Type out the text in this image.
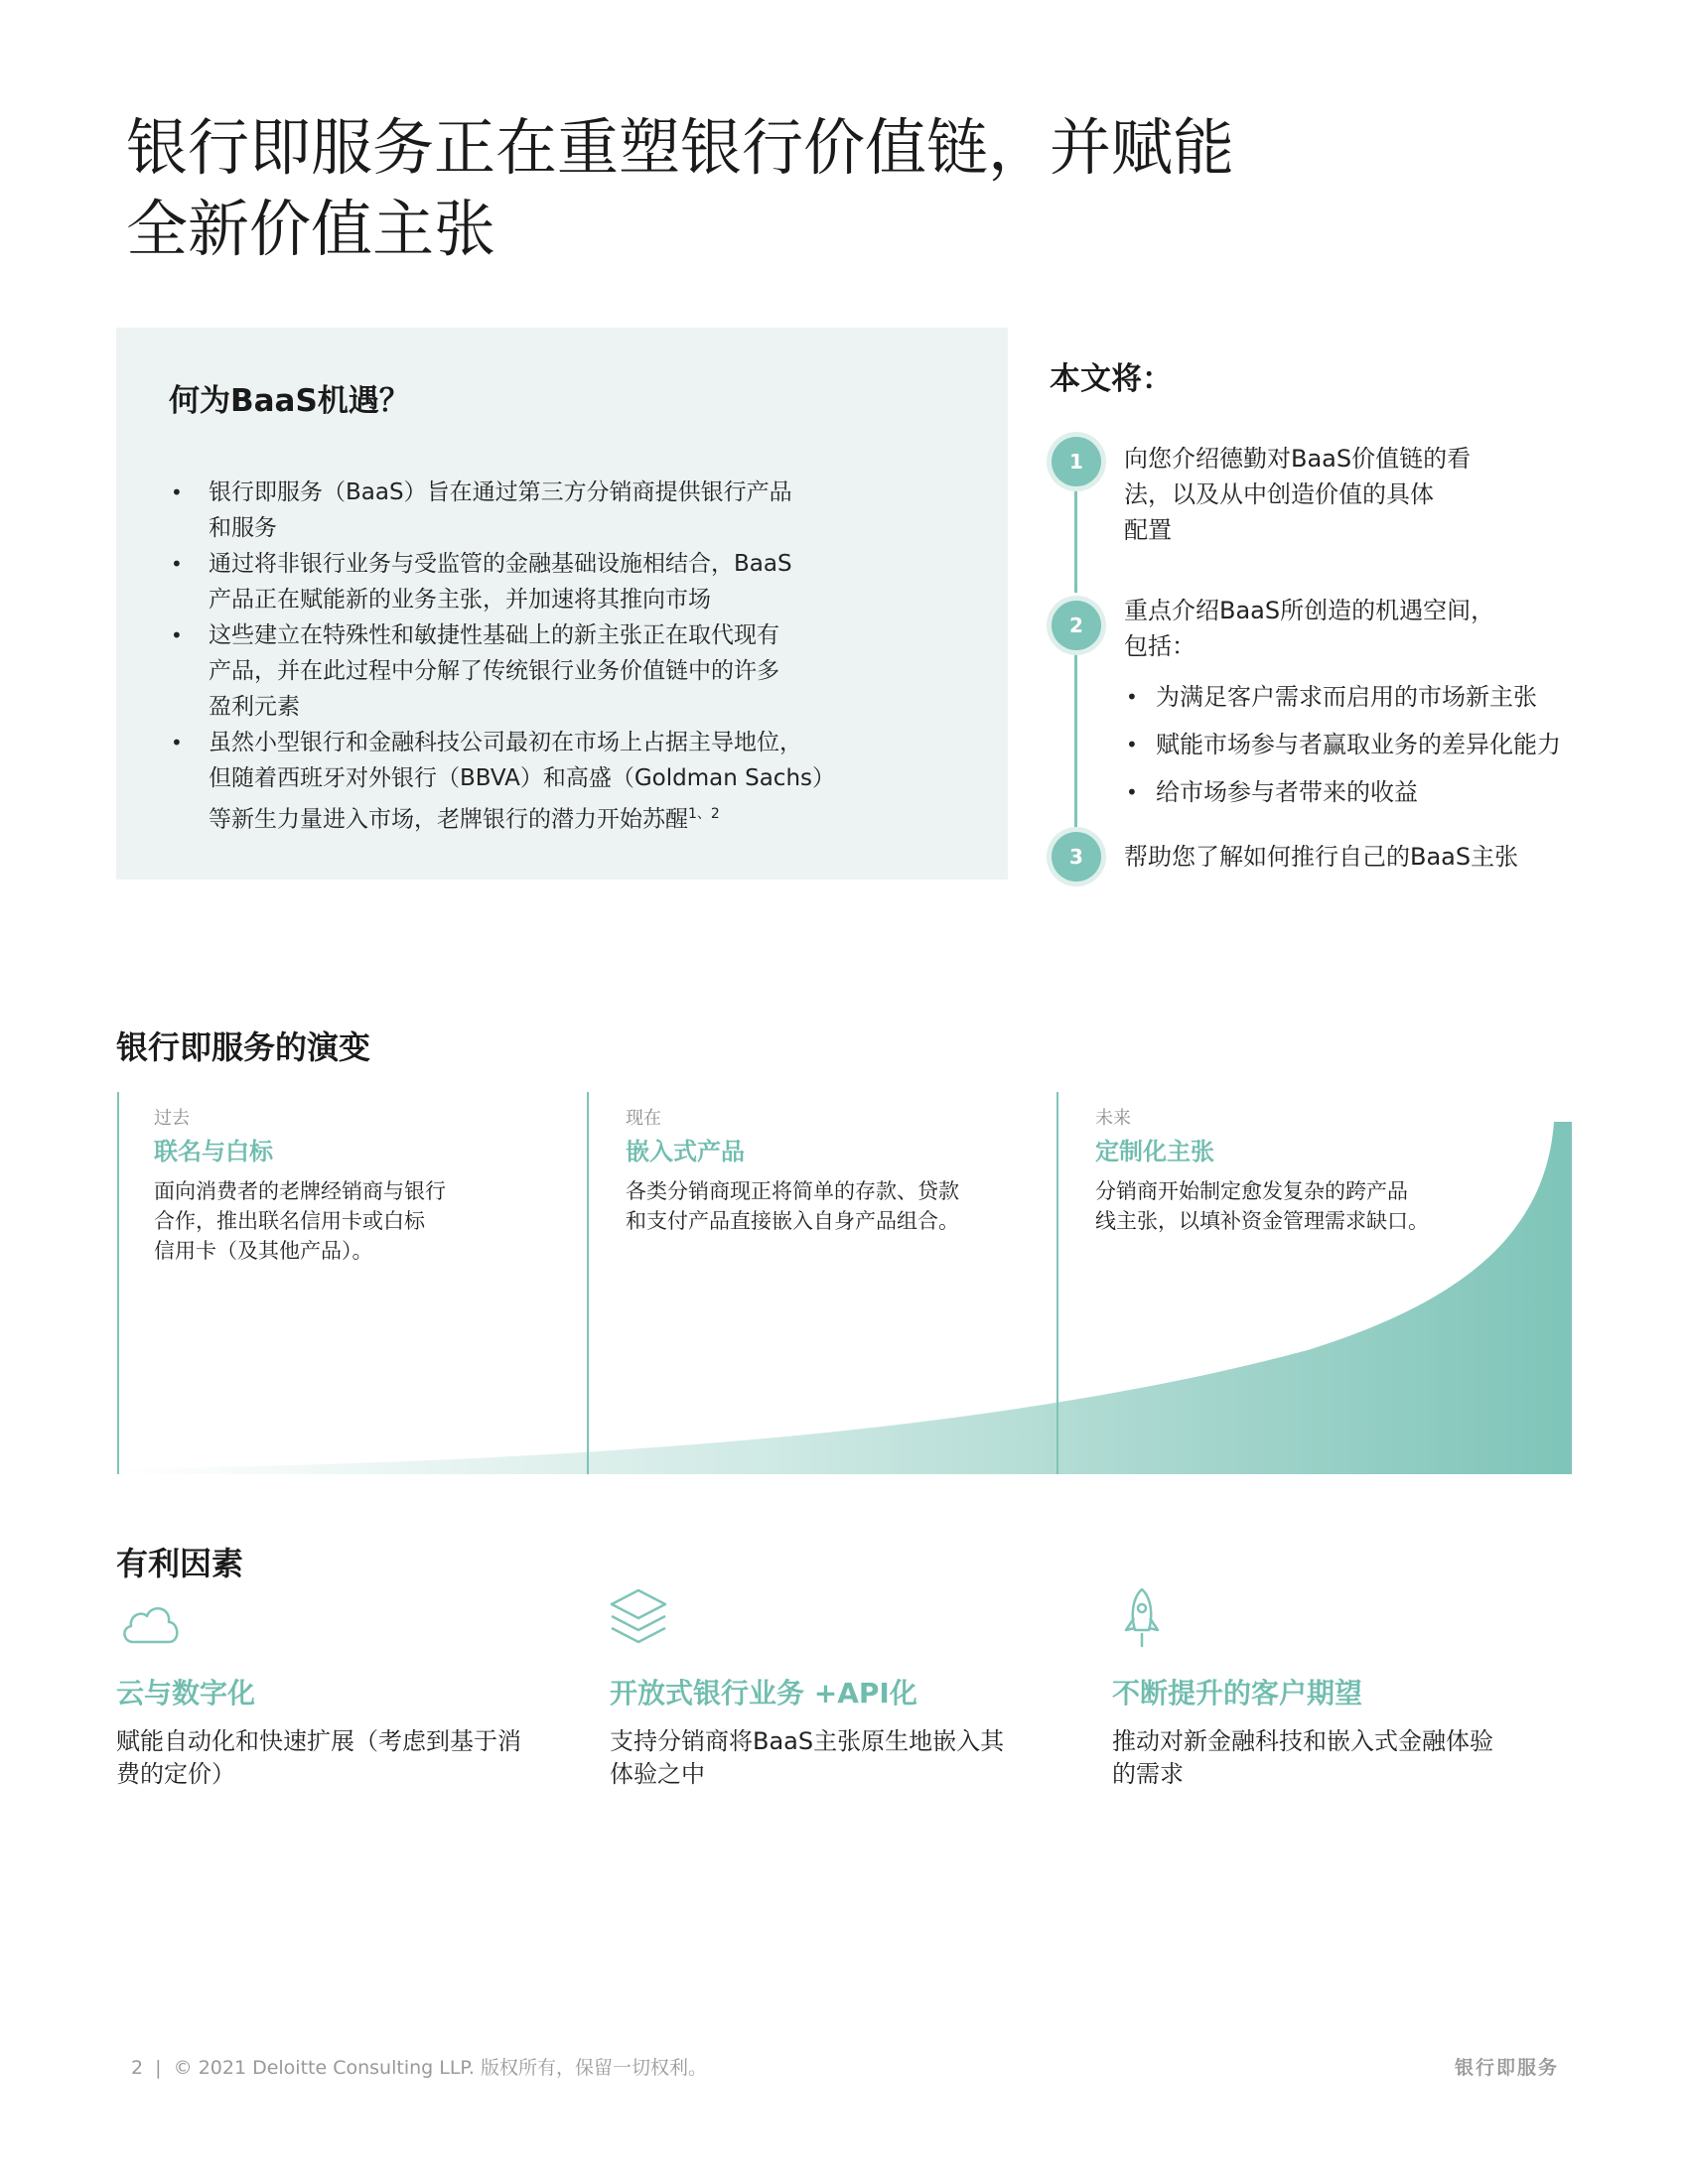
银行即服务正在重塑银行价值链，并赋能
全新价值主张
何为BaaS机遇？
• 银行即服务（BaaS）旨在通过第三方分销商提供银行产品
和服务
• 通过将非银行业务与受监管的金融基础设施相结合，BaaS
产品正在赋能新的业务主张，并加速将其推向市场
• 这些建立在特殊性和敏捷性基础上的新主张正在取代现有
产品，并在此过程中分解了传统银行业务价值链中的许多
盈利元素
• 虽然小型银行和金融科技公司最初在市场上占据主导地位，
但随着西班牙对外银行（BBVA）和高盛（Goldman Sachs）
等新生力量进入市场，老牌银行的潜力开始苏醒$^{1、2}$
本文将：
1	向您介绍德勤对BaaS价值链的看
法，以及从中创造价值的具体
配置
2
重点介绍BaaS所创造的机遇空间，
包括：
• 为满足客户需求而启用的市场新主张
• 赋能市场参与者赢取业务的差异化能力
• 给市场参与者带来的收益
3	帮助您了解如何推行自己的BaaS主张
银行即服务的演变
过去
联名与白标
面向消费者的老牌经销商与银行
合作，推出联名信用卡或白标
信用卡（及其他产品）。
现在
嵌入式产品
各类分销商现正将简单的存款、贷款
和支付产品直接嵌入自身产品组合。
未来
定制化主张
分销商开始制定愈发复杂的跨产品
线主张，以填补资金管理需求缺口。
有利因素
云与数字化
赋能自动化和快速扩展（考虑到基于消
费的定价）
开放式银行业务 +API化
支持分销商将BaaS主张原生地嵌入其
体验之中
不断提升的客户期望
推动对新金融科技和嵌入式金融体验
的需求
2  |  © 2021 Deloitte Consulting LLP. 版权所有，保留一切权利。	银行即服务
